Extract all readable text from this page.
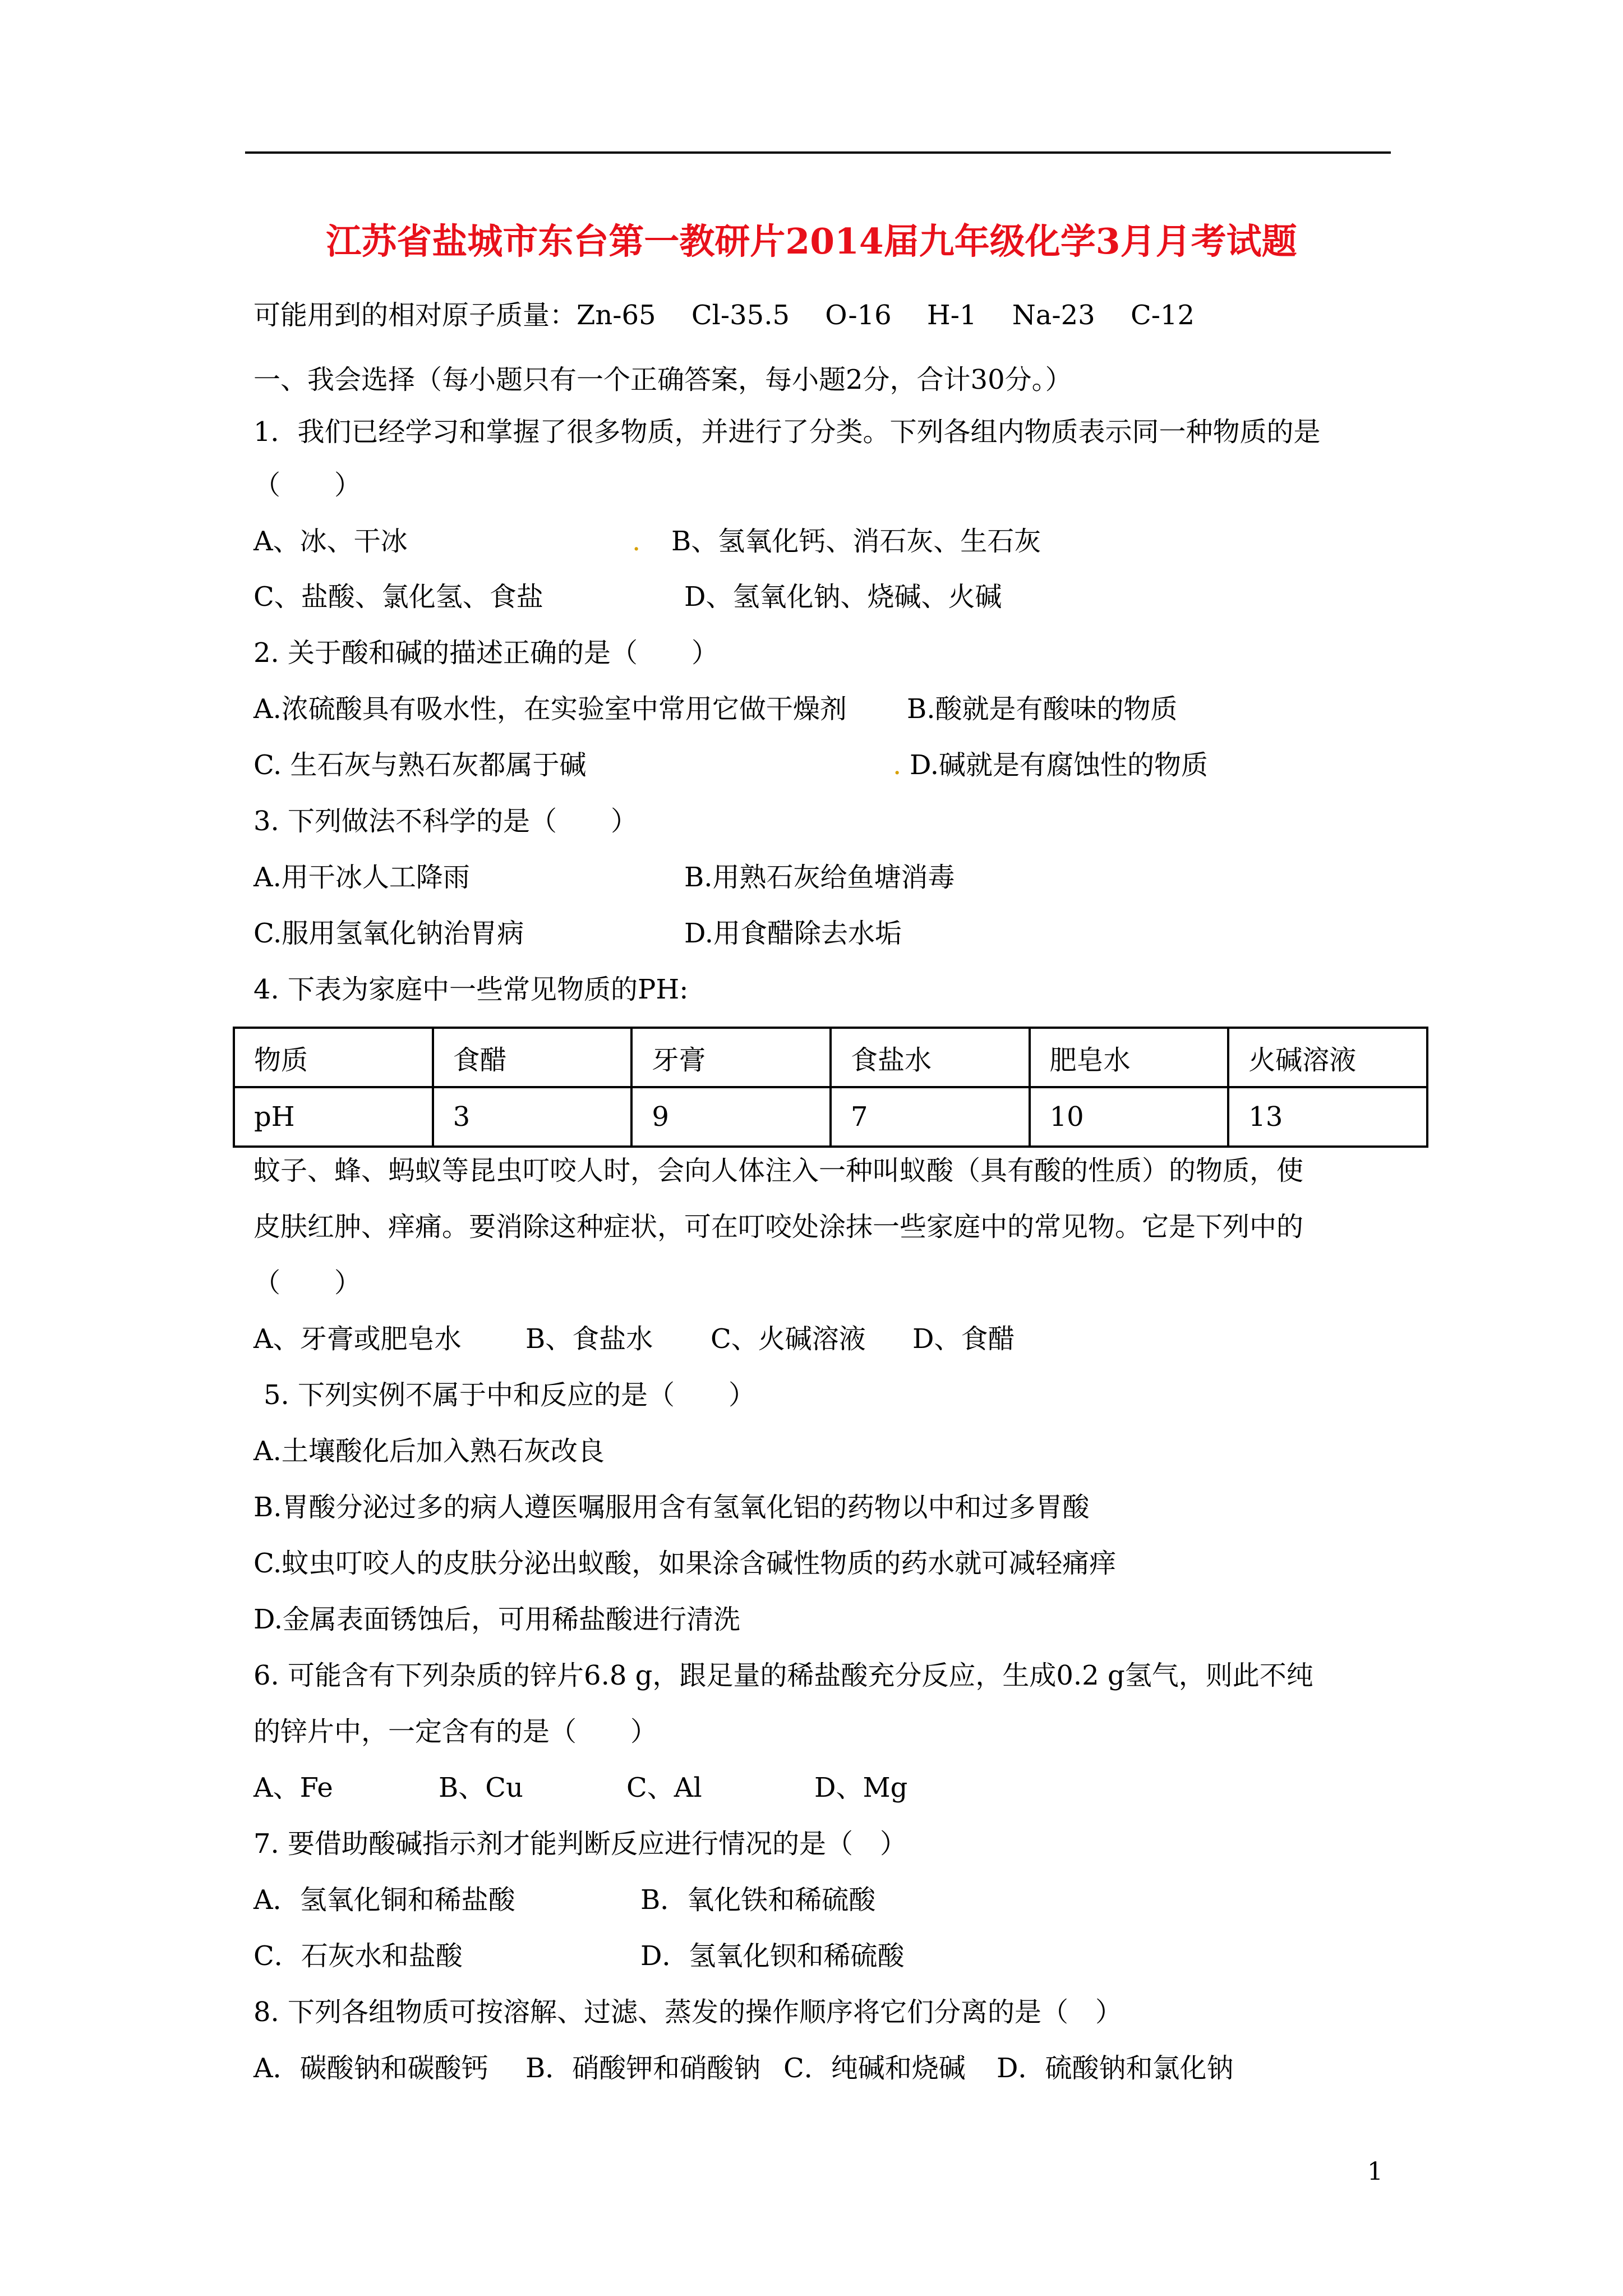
江苏省盐城市东台第一教研片2014届九年级化学3月月考试题
可能用到的相对原子质量：Zn-65　 Cl-35.5　 O-16　 H-1　 Na-23　 C-12
一、我会选择（每小题只有一个正确答案，每小题2分，合计30分。）
1．我们已经学习和掌握了很多物质，并进行了分类。下列各组内物质表示同一种物质的是
（　　）
A、冰、干冰	. B、氢氧化钙、消石灰、生石灰
C、盐酸、氯化氢、食盐	D、氢氧化钠、烧碱、火碱
2. 关于酸和碱的描述正确的是（　　）
A.浓硫酸具有吸水性，在实验室中常用它做干燥剂 B.酸就是有酸味的物质
C. 生石灰与熟石灰都属于碱	. D.碱就是有腐蚀性的物质
3. 下列做法不科学的是（　　）
A.用干冰人工降雨	B.用熟石灰给鱼塘消毒
C.服用氢氧化钠治胃病	D.用食醋除去水垢
4. 下表为家庭中一些常见物质的PH:
物质	食醋	牙膏	食盐水	肥皂水	火碱溶液
pH	3	9	7	10	13
蚊子、蜂、蚂蚁等昆虫叮咬人时，会向人体注入一种叫蚁酸（具有酸的性质）的物质，使
皮肤红肿、痒痛。要消除这种症状，可在叮咬处涂抹一些家庭中的常见物。它是下列中的
（　　）
A、牙膏或肥皂水 B、食盐水 C、火碱溶液 D、食醋
5. 下列实例不属于中和反应的是（　　）
A.土壤酸化后加入熟石灰改良
B.胃酸分泌过多的病人遵医嘱服用含有氢氧化铝的药物以中和过多胃酸
C.蚊虫叮咬人的皮肤分泌出蚁酸，如果涂含碱性物质的药水就可减轻痛痒
D.金属表面锈蚀后，可用稀盐酸进行清洗
6. 可能含有下列杂质的锌片6.8 g，跟足量的稀盐酸充分反应，生成0.2 g氢气，则此不纯
的锌片中，一定含有的是（　　）
A、Fe	B、Cu	C、Al	D、Mg
7. 要借助酸碱指示剂才能判断反应进行情况的是（　）
A．氢氧化铜和稀盐酸	B．氧化铁和稀硫酸
C．石灰水和盐酸	D．氢氧化钡和稀硫酸
8. 下列各组物质可按溶解、过滤、蒸发的操作顺序将它们分离的是（　）
A．碳酸钠和碳酸钙 B．硝酸钾和硝酸钠 C．纯碱和烧碱 D．硫酸钠和氯化钠
1
